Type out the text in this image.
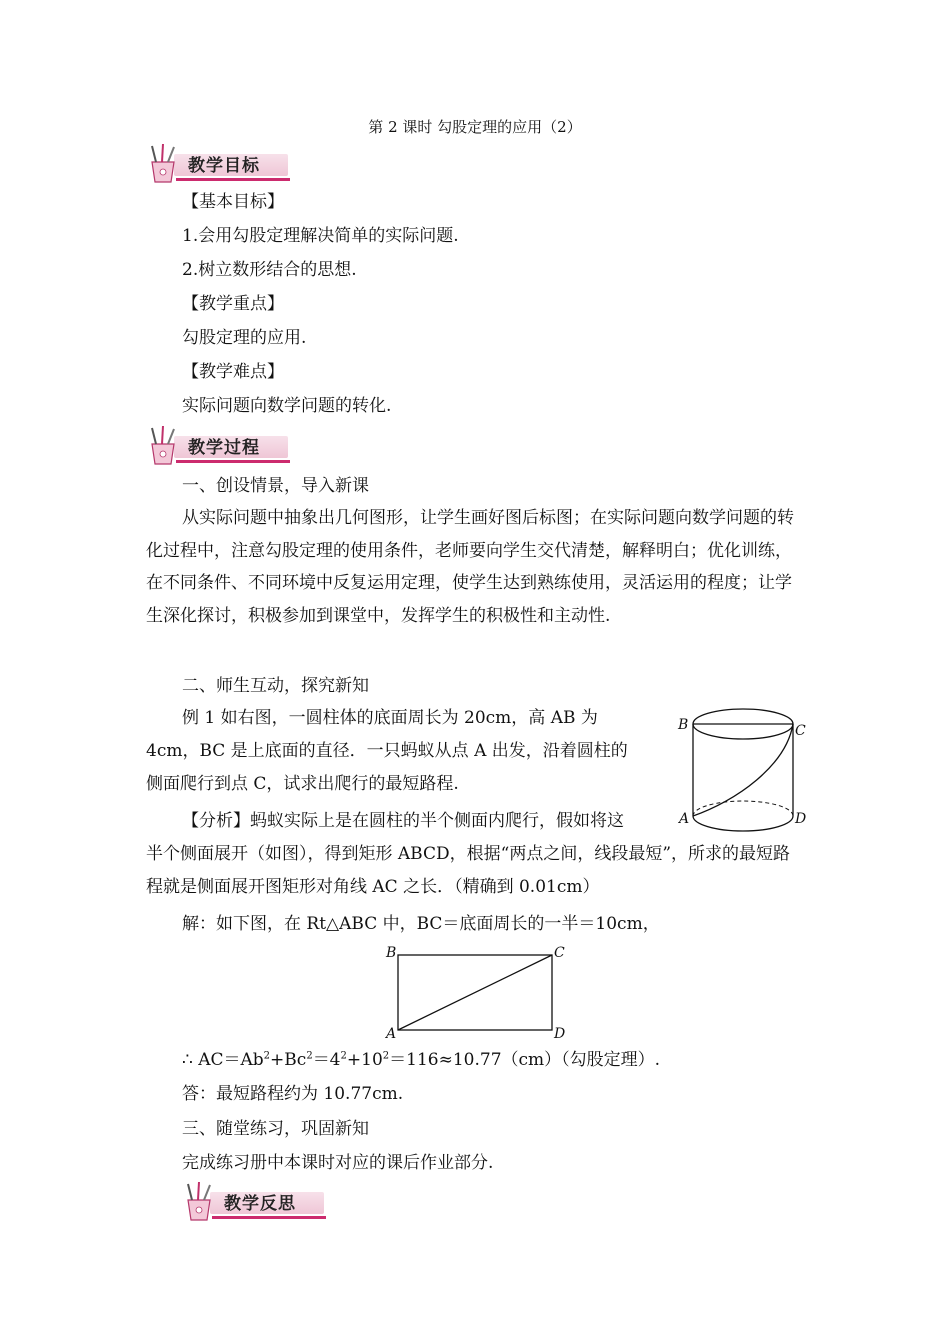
第 2 课时 勾股定理的应用（2）
教学目标
【基本目标】
1.会用勾股定理解决简单的实际问题.
2.树立数形结合的思想.
【教学重点】
勾股定理的应用.
【教学难点】
实际问题向数学问题的转化.
教学过程
一、创设情景，导入新课
从实际问题中抽象出几何图形，让学生画好图后标图；在实际问题向数学问题的转化过程中，注意勾股定理的使用条件，老师要向学生交代清楚，解释明白；优化训练，在不同条件、不同环境中反复运用定理，使学生达到熟练使用，灵活运用的程度；让学生深化探讨，积极参加到课堂中，发挥学生的积极性和主动性.
二、师生互动，探究新知
例 1 如右图，一圆柱体的底面周长为 20cm，高 AB 为
4cm，BC 是上底面的直径．一只蚂蚁从点 A 出发，沿着圆柱的
侧面爬行到点 C，试求出爬行的最短路程.
B	C
A	D
【分析】蚂蚁实际上是在圆柱的半个侧面内爬行，假如将这
半个侧面展开（如图），得到矩形 ABCD，根据“两点之间，线段最短”，所求的最短路程就是侧面展开图矩形对角线 AC 之长．（精确到 0.01cm）
解：如下图，在 Rt△ABC 中，BC＝底面周长的一半＝10cm，
B	C
A	D
∴ $AC=Ab^2+Bc^2=4^2+10^2=116\approx 10.77(cm)$（勾股定理）.
答：最短路程约为 10.77cm.
三、随堂练习，巩固新知
完成练习册中本课时对应的课后作业部分.
教学反思
